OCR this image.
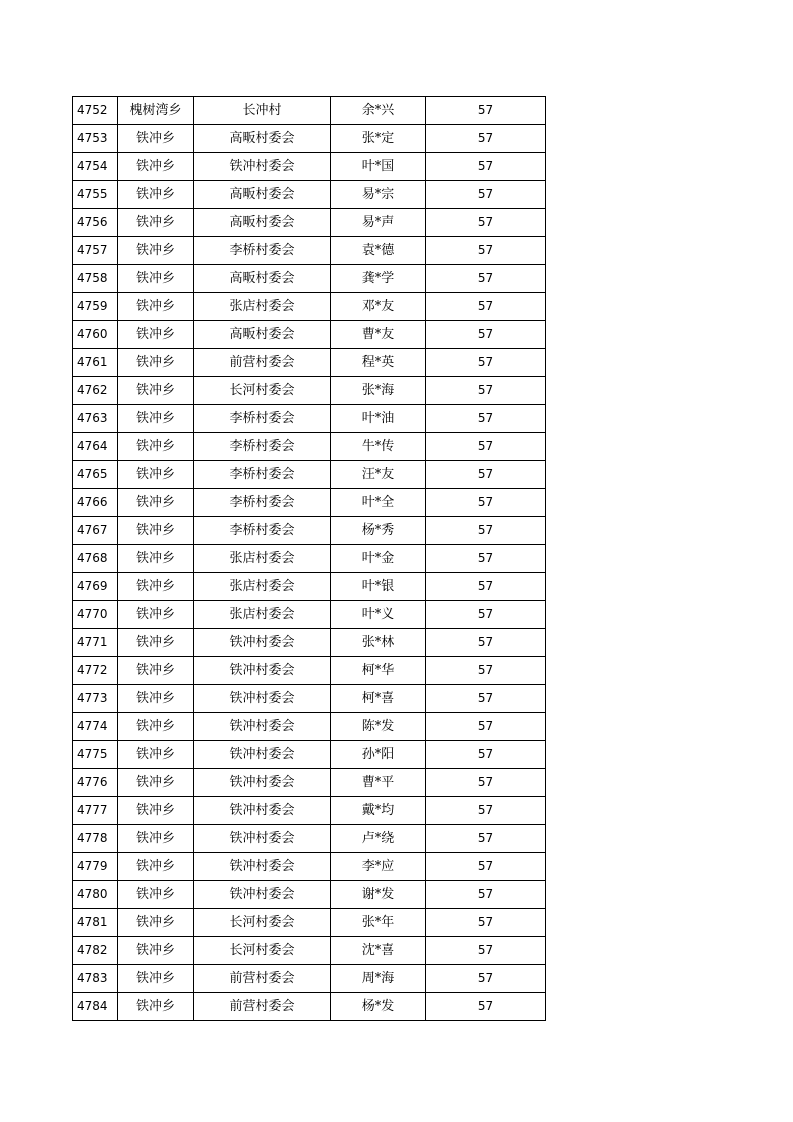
4752	槐树湾乡	长冲村	余*兴	57
4753	铁冲乡	高畈村委会	张*定	57
4754	铁冲乡	铁冲村委会	叶*国	57
4755	铁冲乡	高畈村委会	易*宗	57
4756	铁冲乡	高畈村委会	易*声	57
4757	铁冲乡	李桥村委会	袁*德	57
4758	铁冲乡	高畈村委会	龚*学	57
4759	铁冲乡	张店村委会	邓*友	57
4760	铁冲乡	高畈村委会	曹*友	57
4761	铁冲乡	前营村委会	程*英	57
4762	铁冲乡	长河村委会	张*海	57
4763	铁冲乡	李桥村委会	叶*油	57
4764	铁冲乡	李桥村委会	牛*传	57
4765	铁冲乡	李桥村委会	汪*友	57
4766	铁冲乡	李桥村委会	叶*全	57
4767	铁冲乡	李桥村委会	杨*秀	57
4768	铁冲乡	张店村委会	叶*金	57
4769	铁冲乡	张店村委会	叶*银	57
4770	铁冲乡	张店村委会	叶*义	57
4771	铁冲乡	铁冲村委会	张*林	57
4772	铁冲乡	铁冲村委会	柯*华	57
4773	铁冲乡	铁冲村委会	柯*喜	57
4774	铁冲乡	铁冲村委会	陈*发	57
4775	铁冲乡	铁冲村委会	孙*阳	57
4776	铁冲乡	铁冲村委会	曹*平	57
4777	铁冲乡	铁冲村委会	戴*均	57
4778	铁冲乡	铁冲村委会	卢*绕	57
4779	铁冲乡	铁冲村委会	李*应	57
4780	铁冲乡	铁冲村委会	谢*发	57
4781	铁冲乡	长河村委会	张*年	57
4782	铁冲乡	长河村委会	沈*喜	57
4783	铁冲乡	前营村委会	周*海	57
4784	铁冲乡	前营村委会	杨*发	57
